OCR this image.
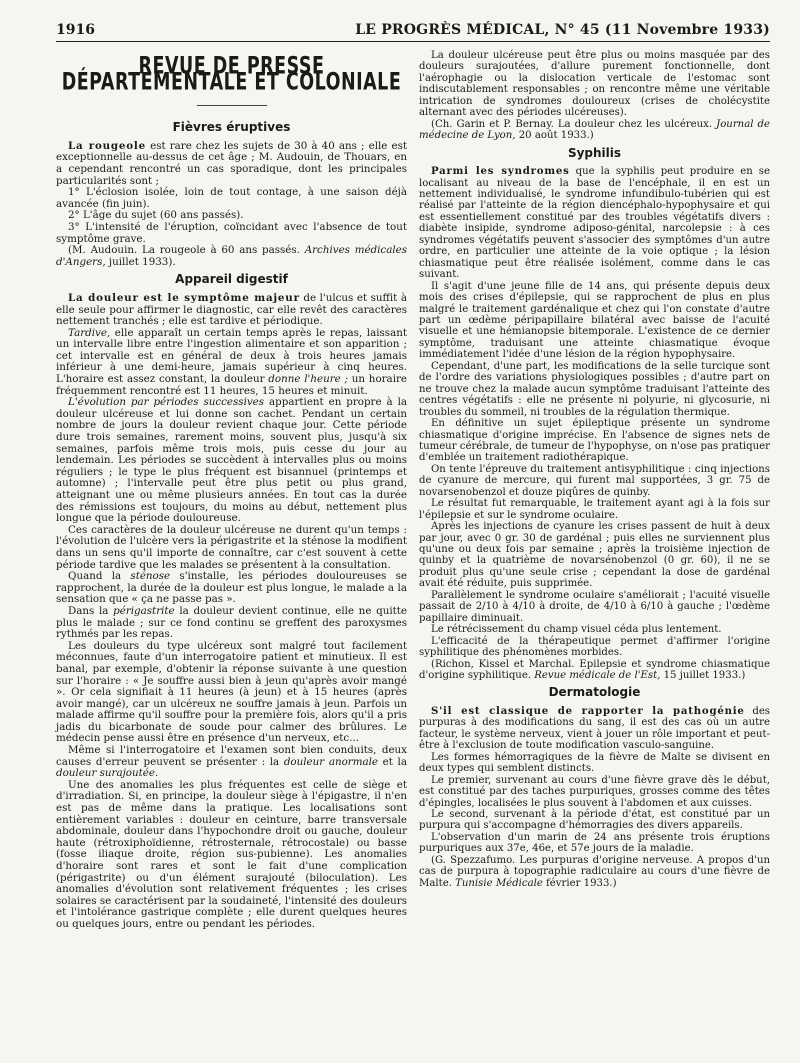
1916	LE PROGRÈS MÉDICAL, N° 45 (11 Novembre 1933)
REVUE DE PRESSE DÉPARTEMENTALE ET COLONIALE
Fièvres éruptives

La rougeole est rare chez les sujets de 30 à 40 ans ; elle est exceptionnelle au-dessus de cet âge ; M. Audouin, de Thouars, en a cependant rencontré un cas sporadique, dont les principales particularités sont ;

1° L'éclosion isolée, loin de tout contage, à une saison déjà avancée (fin juin).

2° L'âge du sujet (60 ans passés).

3° L'intensité de l'éruption, coïncidant avec l'absence de tout symptôme grave.

(M. Audouin. La rougeole à 60 ans passés. Archives médicales d'Angers, juillet 1933).

Appareil digestif

La douleur est le symptôme majeur de l'ulcus et suffit à elle seule pour affirmer le diagnostic, car elle revêt des caractères nettement tranchés ; elle est tardive et périodique.

Tardive, elle apparaît un certain temps après le repas, laissant un intervalle libre entre l'ingestion alimentaire et son apparition ; cet intervalle est en général de deux à trois heures jamais inférieur à une demi-heure, jamais supérieur à cinq heures. L'horaire est assez constant, la douleur donne l'heure ; un horaire fréquemment rencontré est 11 heures, 15 heures et minuit.

L'évolution par périodes successives appartient en propre à la douleur ulcéreuse et lui donne son cachet. Pendant un certain nombre de jours la douleur revient chaque jour. Cette période dure trois semaines, rarement moins, souvent plus, jusqu'à six semaines, parfois même trois mois, puis cesse du jour au lendemain. Les périodes se succèdent à intervalles plus ou moins réguliers ; le type le plus fréquent est bisannuel (printemps et automne) ; l'intervalle peut être plus petit ou plus grand, atteignant une ou même plusieurs années. En tout cas la durée des rémissions est toujours, du moins au début, nettement plus longue que la période douloureuse.

Ces caractères de la douleur ulcéreuse ne durent qu'un temps : l'évolution de l'ulcère vers la périgastrite et la sténose la modifient dans un sens qu'il importe de connaître, car c'est souvent à cette période tardive que les malades se présentent à la consultation.

Quand la sténose s'installe, les périodes douloureuses se rapprochent, la durée de la douleur est plus longue, le malade a la sensation que « ça ne passe pas ».

Dans la périgastrite la douleur devient continue, elle ne quitte plus le malade ; sur ce fond continu se greffent des paroxysmes rythmés par les repas.

Les douleurs du type ulcéreux sont malgré tout facilement méconnues, faute d'un interrogatoire patient et minutieux. Il est banal, par exemple, d'obtenir la réponse suivante à une question sur l'horaire : « Je souffre aussi bien à jeun qu'après avoir mangé ». Or cela signifiait à 11 heures (à jeun) et à 15 heures (après avoir mangé), car un ulcéreux ne souffre jamais à jeun. Parfois un malade affirme qu'il souffre pour la première fois, alors qu'il a pris jadis du bicarbonate de soude pour calmer des brûlures. Le médecin pense aussi être en présence d'un nerveux, etc...

Même si l'interrogatoire et l'examen sont bien conduits, deux causes d'erreur peuvent se présenter : la douleur anormale et la douleur surajoutée.

Une des anomalies les plus fréquentes est celle de siège et d'irradiation. Si, en principe, la douleur siège à l'épigastre, il n'en est pas de même dans la pratique. Les localisations sont entièrement variables : douleur en ceinture, barre transversale abdominale, douleur dans l'hypochondre droit ou gauche, douleur haute (rétroxiphoïdienne, rétrosternale, rétrocostale) ou basse (fosse iliaque droite, région sus-pubienne). Les anomalies d'horaire sont rares et sont le fait d'une complication (périgastrite) ou d'un élément surajouté (biloculation). Les anomalies d'évolution sont relativement fréquentes ; les crises solaires se caractérisent par la soudaineté, l'intensité des douleurs et l'intolérance gastrique complète ; elle durent quelques heures ou quelques jours, entre ou pendant les périodes.

La douleur ulcéreuse peut être plus ou moins masquée par des douleurs surajoutées, d'allure purement fonctionnelle, dont l'aérophagie ou la dislocation verticale de l'estomac sont indiscutablement responsables ; on rencontre même une véritable intrication de syndromes douloureux (crises de cholécystite alternant avec des périodes ulcéreuses).

(Ch. Garin et P. Bernay. La douleur chez les ulcéreux. Journal de médecine de Lyon, 20 août 1933.)

Syphilis

Parmi les syndromes que la syphilis peut produire en se localisant au niveau de la base de l'encéphale, il en est un nettement individualisé, le syndrome infundibulo-tubérien qui est réalisé par l'atteinte de la région diencéphalo-hypophysaire et qui est essentiellement constitué par des troubles végétatifs divers : diabète insipide, syndrome adiposo-génital, narcolepsie : à ces syndromes végétatifs peuvent s'associer des symptômes d'un autre ordre, en particulier une atteinte de la voie optique ; la lésion chiasmatique peut être réalisée isolément, comme dans le cas suivant.

Il s'agit d'une jeune fille de 14 ans, qui présente depuis deux mois des crises d'épilepsie, qui se rapprochent de plus en plus malgré le traitement gardénalique et chez qui l'on constate d'autre part un œdème péripapillaire bilatéral avec baisse de l'acuité visuelle et une hémianopsie bitemporale. L'existence de ce dernier symptôme, traduisant une atteinte chiasmatique évoque immédiatement l'idée d'une lésion de la région hypophysaire.

Cependant, d'une part, les modifications de la selle turcique sont de l'ordre des variations physiologiques possibles ; d'autre part on ne trouve chez la malade aucun symptôme traduisant l'atteinte des centres végétatifs : elle ne présente ni polyurie, ni glycosurie, ni troubles du sommeil, ni troubles de la régulation thermique.

En définitive un sujet épileptique présente un syndrome chiasmatique d'origine imprécise. En l'absence de signes nets de tumeur cérébrale, de tumeur de l'hypophyse, on n'ose pas pratiquer d'emblée un traitement radiothérapique.

On tente l'épreuve du traitement antisyphilitique : cinq injections de cyanure de mercure, qui furent mal supportées, 3 gr. 75 de novarsenobenzol et douze piqûres de quinby.

Le résultat fut remarquable, le traitement ayant agi à la fois sur l'épilepsie et sur le syndrome oculaire.

Après les injections de cyanure les crises passent de huit à deux par jour, avec 0 gr. 30 de gardénal ; puis elles ne surviennent plus qu'une ou deux fois par semaine ; après la troisième injection de quinby et la quatrième de novarsénobenzol (0 gr. 60), il ne se produit plus qu'une seule crise ; cependant la dose de gardénal avait été réduite, puis supprimée.

Parallèlement le syndrome oculaire s'améliorait ; l'acuité visuelle passait de 2/10 à 4/10 à droite, de 4/10 à 6/10 à gauche ; l'œdème papillaire diminuait.

Le rétrécissement du champ visuel céda plus lentement.

L'efficacité de la thérapeutique permet d'affirmer l'origine syphilitique des phénomènes morbides.

(Richon, Kissel et Marchal. Epilepsie et syndrome chiasmatique d'origine syphilitique. Revue médicale de l'Est, 15 juillet 1933.)

Dermatologie

S'il est classique de rapporter la pathogénie des purpuras à des modifications du sang, il est des cas où un autre facteur, le système nerveux, vient à jouer un rôle important et peut-être à l'exclusion de toute modification vasculo-sanguine.

Les formes hémorragiques de la fièvre de Malte se divisent en deux types qui semblent distincts.

Le premier, survenant au cours d'une fièvre grave dès le début, est constitué par des taches purpuriques, grosses comme des têtes d'épingles, localisées le plus souvent à l'abdomen et aux cuisses.

Le second, survenant à la période d'état, est constitué par un purpura qui s'accompagne d'hémorragies des divers appareils.

L'observation d'un marin de 24 ans présente trois éruptions purpuriques aux 37e, 46e, et 57e jours de la maladie.

(G. Spezzafumo. Les purpuras d'origine nerveuse. A propos d'un cas de purpura à topographie radiculaire au cours d'une fièvre de Malte. Tunisie Médicale février 1933.)
